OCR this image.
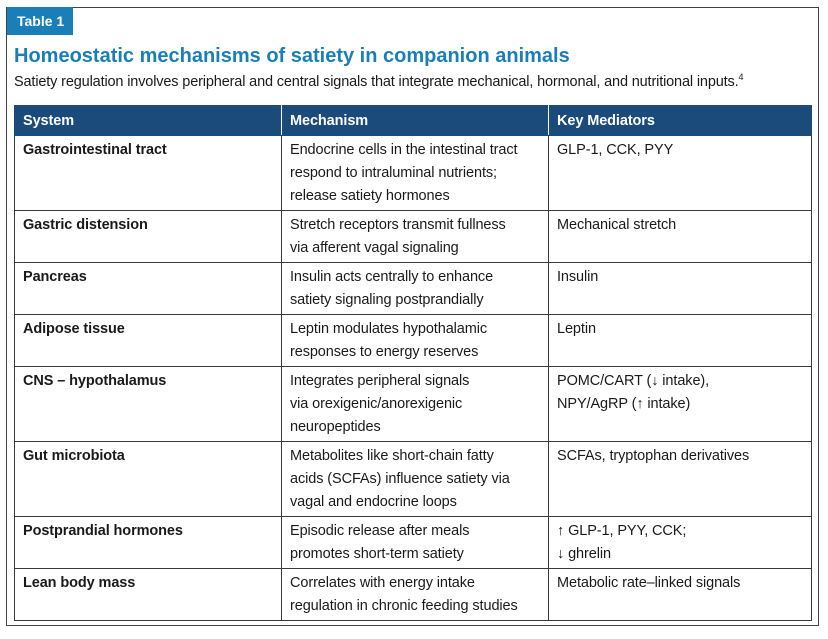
Table 1
Homeostatic mechanisms of satiety in companion animals
Satiety regulation involves peripheral and central signals that integrate mechanical, hormonal, and nutritional inputs.$^4$
System	Mechanism	Key Mediators
Gastrointestinal tract	Endocrine cells in the intestinal tract
respond to intraluminal nutrients;
release satiety hormones	GLP-1, CCK, PYY

Gastric distension	Stretch receptors transmit fullness
via afferent vagal signaling	Mechanical stretch

Pancreas	Insulin acts centrally to enhance
satiety signaling postprandially	Insulin

Adipose tissue	Leptin modulates hypothalamic
responses to energy reserves	Leptin

CNS – hypothalamus	Integrates peripheral signals
via orexigenic/anorexigenic
neuropeptides	POMC/CART (↓ intake),
NPY/AgRP (↑ intake)

Gut microbiota	Metabolites like short-chain fatty
acids (SCFAs) influence satiety via
vagal and endocrine loops	SCFAs, tryptophan derivatives

Postprandial hormones	Episodic release after meals
promotes short-term satiety	↑ GLP-1, PYY, CCK;
↓ ghrelin

Lean body mass	Correlates with energy intake
regulation in chronic feeding studies	Metabolic rate–linked signals
